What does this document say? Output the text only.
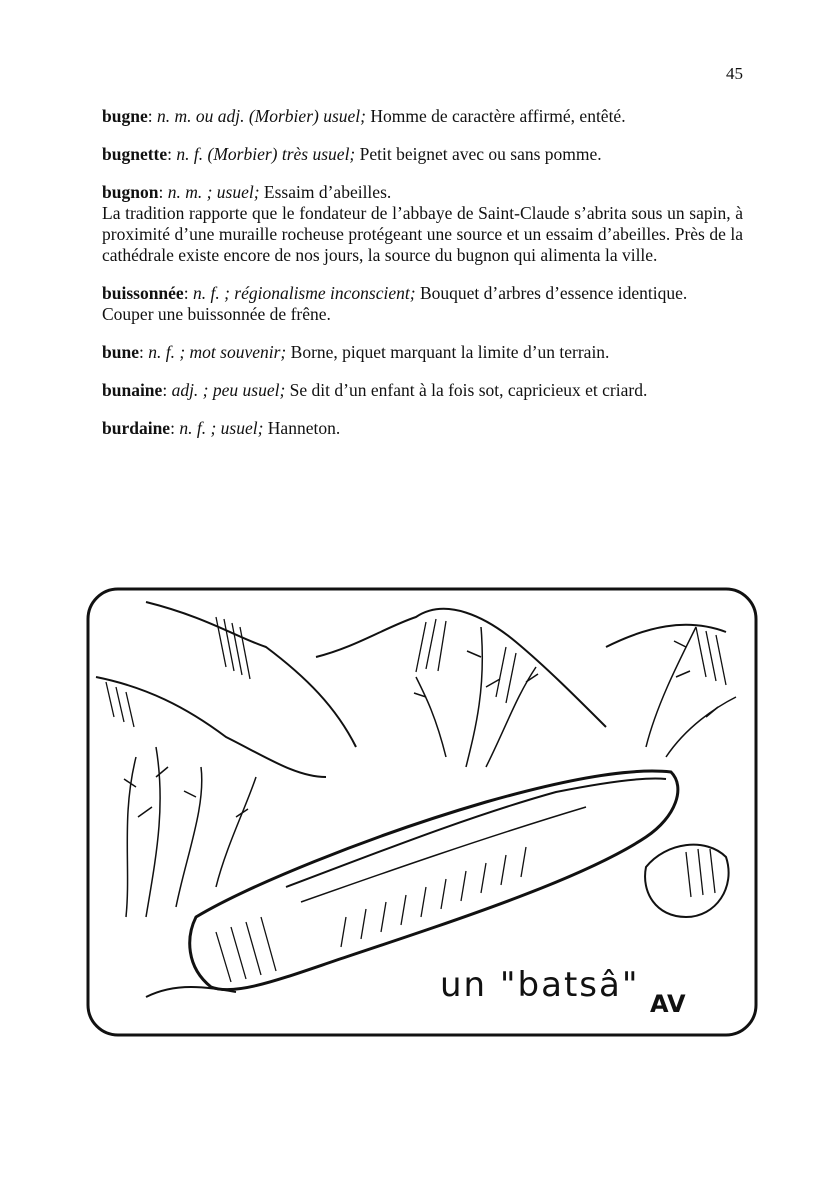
45
bugne: n. m. ou adj. (Morbier) usuel; Homme de caractère affirmé, entêté.
bugnette: n. f. (Morbier) très usuel; Petit beignet avec ou sans pomme.
bugnon: n. m. ; usuel; Essaim d’abeilles.

La tradition rapporte que le fondateur de l’abbaye de Saint-Claude s’abrita sous un sapin, à proximité d’une muraille rocheuse protégeant une source et un essaim d’abeilles. Près de la cathédrale existe encore de nos jours, la source du bugnon qui alimenta la ville.

buissonnée: n. f. ; régionalisme inconscient; Bouquet d’arbres d’essence identique.

Couper une buissonnée de frêne.

bune: n. f. ; mot souvenir; Borne, piquet marquant la limite d’un terrain.
bunaine: adj. ; peu usuel; Se dit d’un enfant à la fois sot, capricieux et criard.
burdaine: n. f. ; usuel; Hanneton.
un "batsâ" AV
